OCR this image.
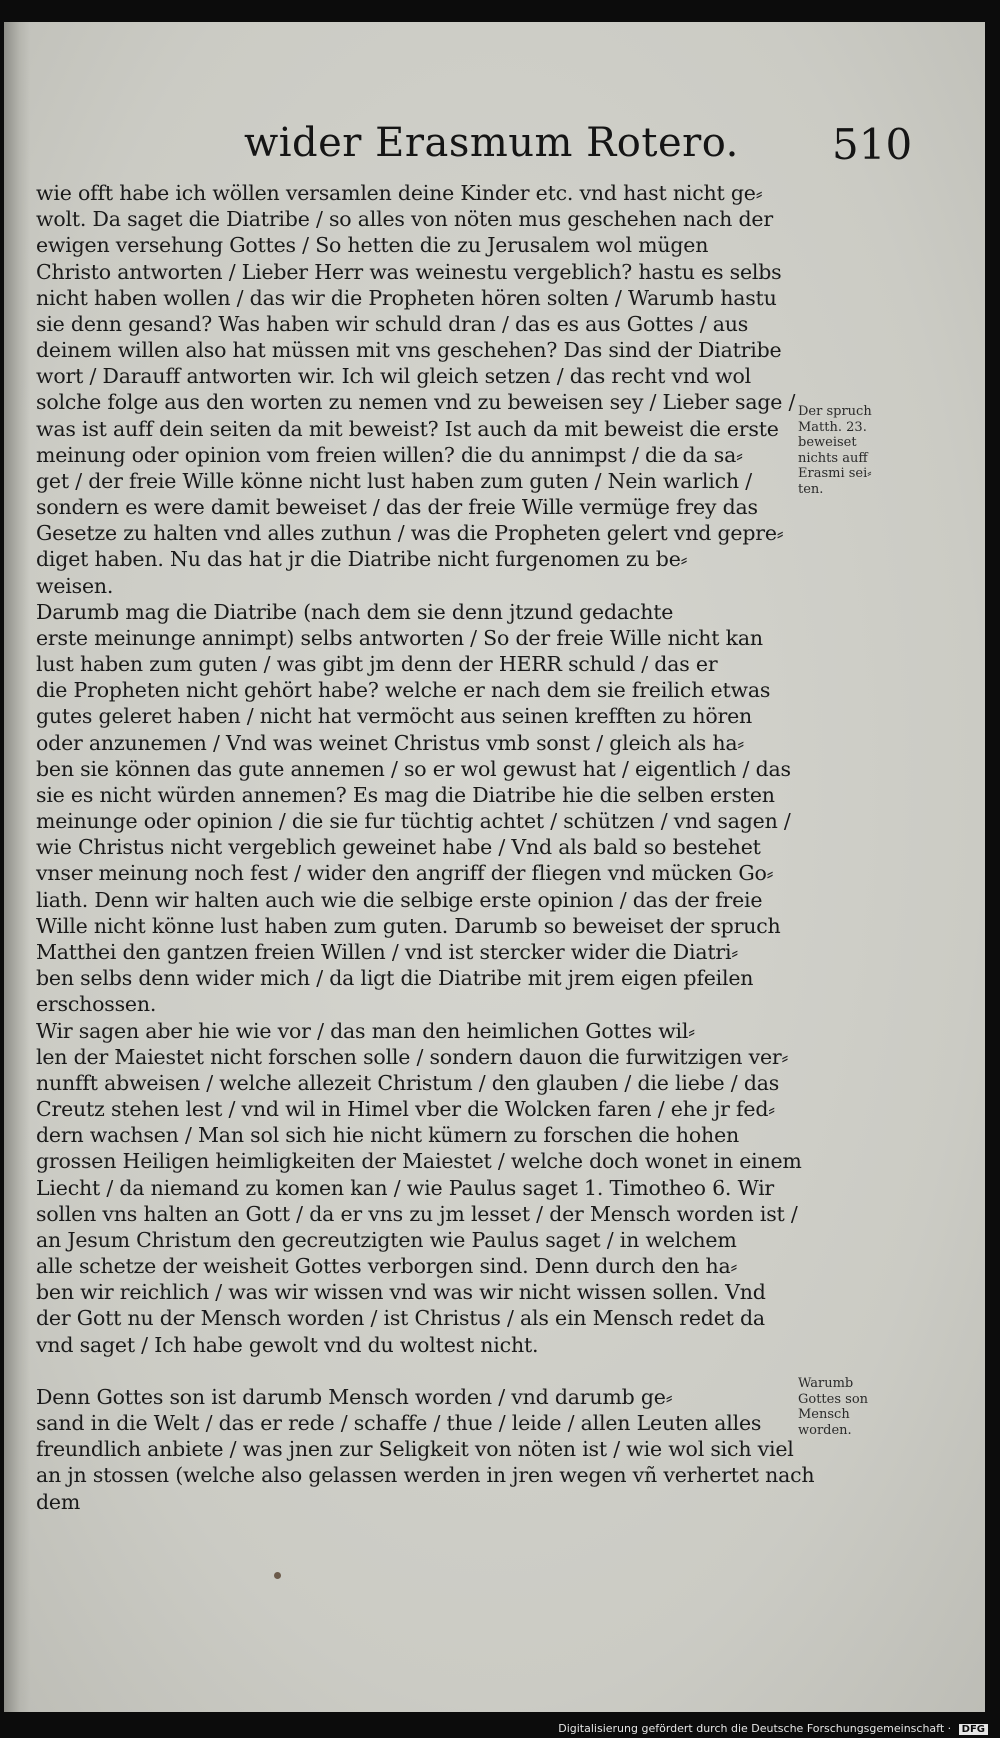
wider Erasmum Rotero. 510
wie offt habe ich wöllen versamlen deine Kinder etc. vnd hast nicht ge⸗
wolt. Da saget die Diatribe / so alles von nöten mus geschehen nach der
ewigen versehung Gottes / So hetten die zu Jerusalem wol mügen
Christo antworten / Lieber Herr was weinestu vergeblich? hastu es selbs
nicht haben wollen / das wir die Propheten hören solten / Warumb hastu
sie denn gesand? Was haben wir schuld dran / das es aus Gottes / aus
deinem willen also hat müssen mit vns geschehen? Das sind der Diatribe
wort / Darauff antworten wir. Ich wil gleich setzen / das recht vnd wol
solche folge aus den worten zu nemen vnd zu beweisen sey / Lieber sage /
was ist auff dein seiten da mit beweist? Ist auch da mit beweist die erste
meinung oder opinion vom freien willen? die du annimpst / die da sa⸗
get / der freie Wille könne nicht lust haben zum guten / Nein warlich /
sondern es were damit beweiset / das der freie Wille vermüge frey das
Gesetze zu halten vnd alles zuthun / was die Propheten gelert vnd gepre⸗
diget haben. Nu das hat jr die Diatribe nicht furgenomen zu be⸗
weisen.
Darumb mag die Diatribe (nach dem sie denn jtzund gedachte
erste meinunge annimpt) selbs antworten / So der freie Wille nicht kan
lust haben zum guten / was gibt jm denn der HERR schuld / das er
die Propheten nicht gehört habe? welche er nach dem sie freilich etwas
gutes geleret haben / nicht hat vermöcht aus seinen krefften zu hören
oder anzunemen / Vnd was weinet Christus vmb sonst / gleich als ha⸗
ben sie können das gute annemen / so er wol gewust hat / eigentlich / das
sie es nicht würden annemen? Es mag die Diatribe hie die selben ersten
meinunge oder opinion / die sie fur tüchtig achtet / schützen / vnd sagen /
wie Christus nicht vergeblich geweinet habe / Vnd als bald so bestehet
vnser meinung noch fest / wider den angriff der fliegen vnd mücken Go⸗
liath. Denn wir halten auch wie die selbige erste opinion / das der freie
Wille nicht könne lust haben zum guten. Darumb so beweiset der spruch
Matthei den gantzen freien Willen / vnd ist stercker wider die Diatri⸗
ben selbs denn wider mich / da ligt die Diatribe mit jrem eigen pfeilen
erschossen.
Wir sagen aber hie wie vor / das man den heimlichen Gottes wil⸗
len der Maiestet nicht forschen solle / sondern dauon die furwitzigen ver⸗
nunfft abweisen / welche allezeit Christum / den glauben / die liebe / das
Creutz stehen lest / vnd wil in Himel vber die Wolcken faren / ehe jr fed⸗
dern wachsen / Man sol sich hie nicht kümern zu forschen die hohen
grossen Heiligen heimligkeiten der Maiestet / welche doch wonet in einem
Liecht / da niemand zu komen kan / wie Paulus saget 1. Timotheo 6. Wir
sollen vns halten an Gott / da er vns zu jm lesset / der Mensch worden ist /
an Jesum Christum den gecreutzigten wie Paulus saget / in welchem
alle schetze der weisheit Gottes verborgen sind. Denn durch den ha⸗
ben wir reichlich / was wir wissen vnd was wir nicht wissen sollen. Vnd
der Gott nu der Mensch worden / ist Christus / als ein Mensch redet da
vnd saget / Ich habe gewolt vnd du woltest nicht.
Denn Gottes son ist darumb Mensch worden / vnd darumb ge⸗
sand in die Welt / das er rede / schaffe / thue / leide / allen Leuten alles
freundlich anbiete / was jnen zur Seligkeit von nöten ist / wie wol sich viel
an jn stossen (welche also gelassen werden in jren wegen vñ verhertet nach
dem
Der spruch
Matth. 23.
beweiset
nichts auff
Erasmi sei⸗
ten.
Warumb
Gottes son
Mensch
worden.
Digitalisierung gefördert durch die Deutsche Forschungsgemeinschaft · DFG
